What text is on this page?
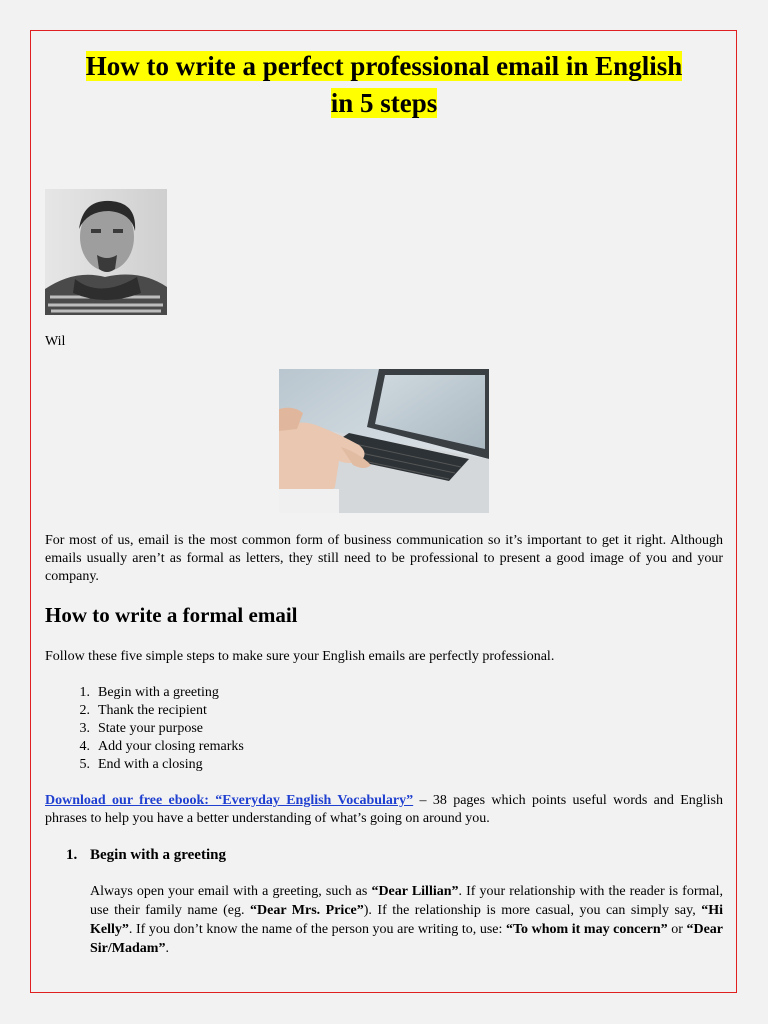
How to write a perfect professional email in English
in 5 steps
Wil

For most of us, email is the most common form of business communication so it’s important to get it right. Although emails usually aren’t as formal as letters, they still need to be professional to present a good image of you and your company.

How to write a formal email

Follow these five simple steps to make sure your English emails are perfectly professional.

1. Begin with a greeting
2. Thank the recipient
3. State your purpose
4. Add your closing remarks
5. End with a closing

Download our free ebook: “Everyday English Vocabulary” – 38 pages which points useful words and English phrases to help you have a better understanding of what’s going on around you.

1. Begin with a greeting

Always open your email with a greeting, such as “Dear Lillian”. If your relationship with the reader is formal, use their family name (eg. “Dear Mrs. Price”). If the relationship is more casual, you can simply say, “Hi Kelly”. If you don’t know the name of the person you are writing to, use: “To whom it may concern” or “Dear Sir/Madam”.
